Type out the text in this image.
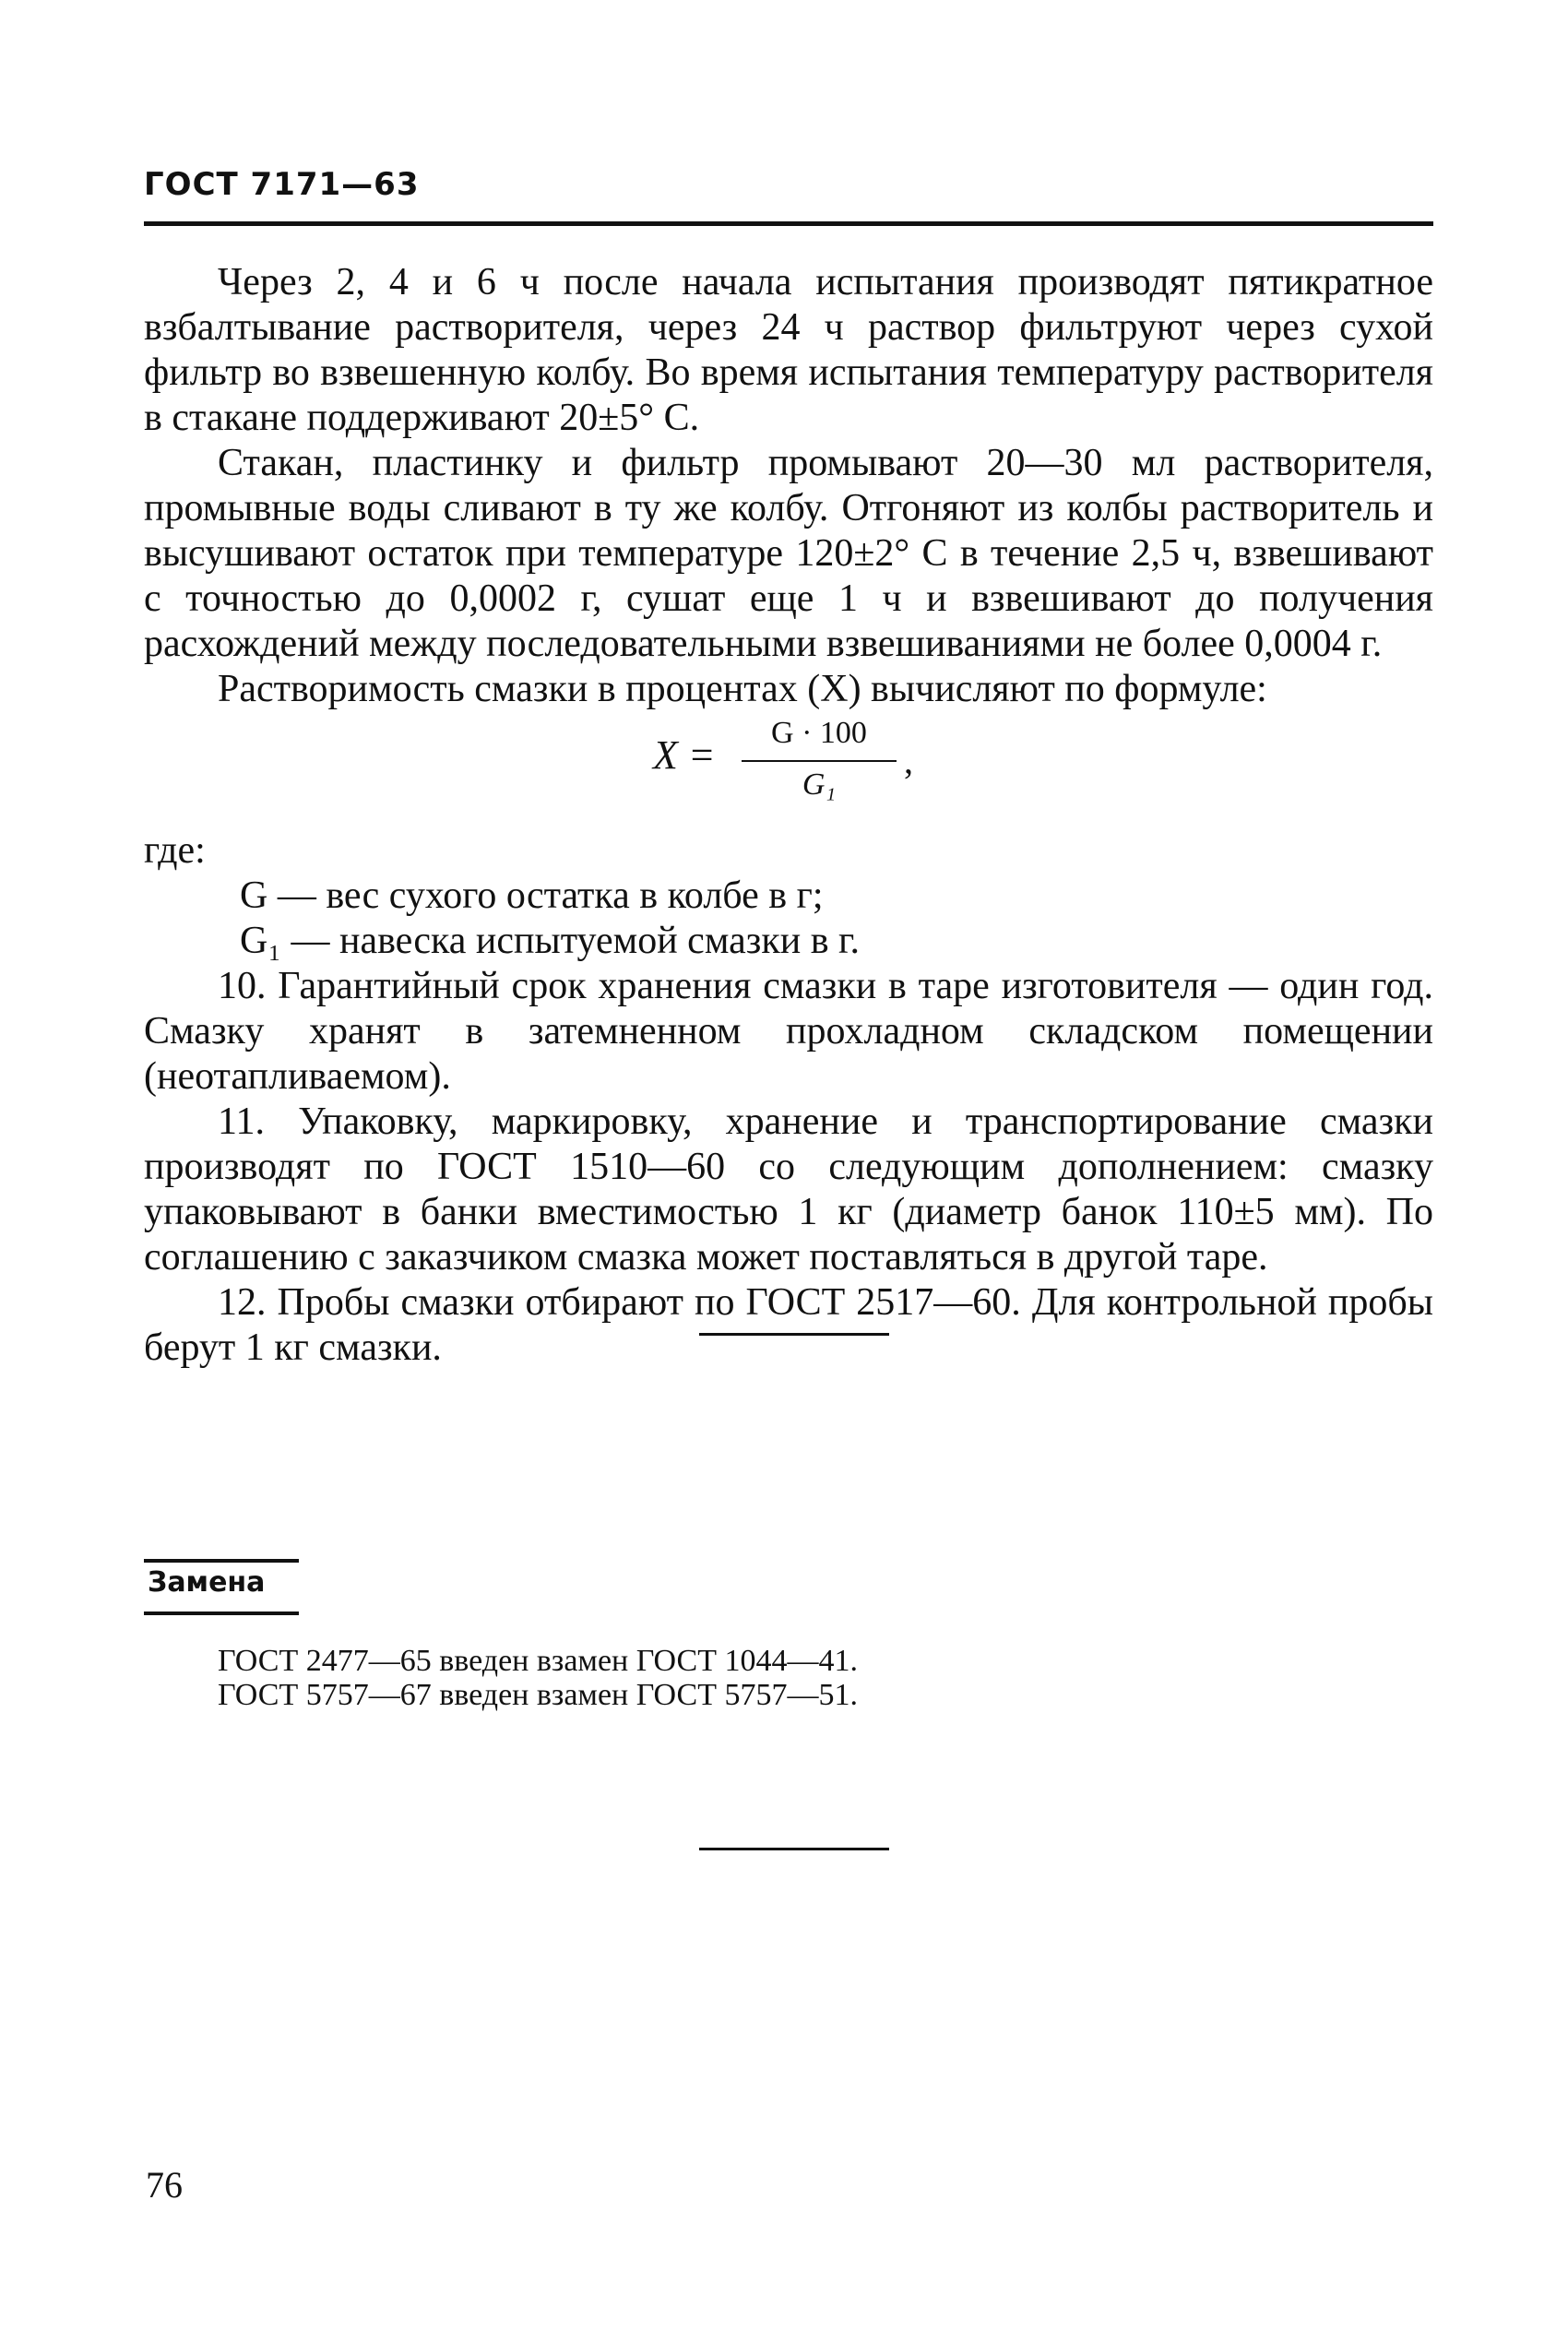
ГОСТ 7171—63

Через 2, 4 и 6 ч после начала испытания производят пятикратное взбалтывание растворителя, через 24 ч раствор фильтруют через сухой фильтр во взвешенную колбу. Во время испытания температуру растворителя в стакане поддерживают 20±5° С.

Стакан, пластинку и фильтр промывают 20—30 мл растворителя, промывные воды сливают в ту же колбу. Отгоняют из колбы растворитель и высушивают остаток при температуре 120±2° С в течение 2,5 ч, взвешивают с точностью до 0,0002 г, сушат еще 1 ч и взвешивают до получения расхождений между последовательными взвешиваниями не более 0,0004 г.

Растворимость смазки в процентах (X) вычисляют по формуле:

X =	G · 100
G₁
,

где:

G — вес сухого остатка в колбе в г;

G₁ — навеска испытуемой смазки в г.

10. Гарантийный срок хранения смазки в таре изготовителя — один год. Смазку хранят в затемненном прохладном складском помещении (неотапливаемом).

11. Упаковку, маркировку, хранение и транспортирование смазки производят по ГОСТ 1510—60 со следующим дополнением: смазку упаковывают в банки вместимостью 1 кг (диаметр банок 110±5 мм). По соглашению с заказчиком смазка может поставляться в другой таре.

12. Пробы смазки отбирают по ГОСТ 2517—60. Для контрольной пробы берут 1 кг смазки.

Замена
ГОСТ 2477—65 введен взамен ГОСТ 1044—41.
ГОСТ 5757—67 введен взамен ГОСТ 5757—51.
76
